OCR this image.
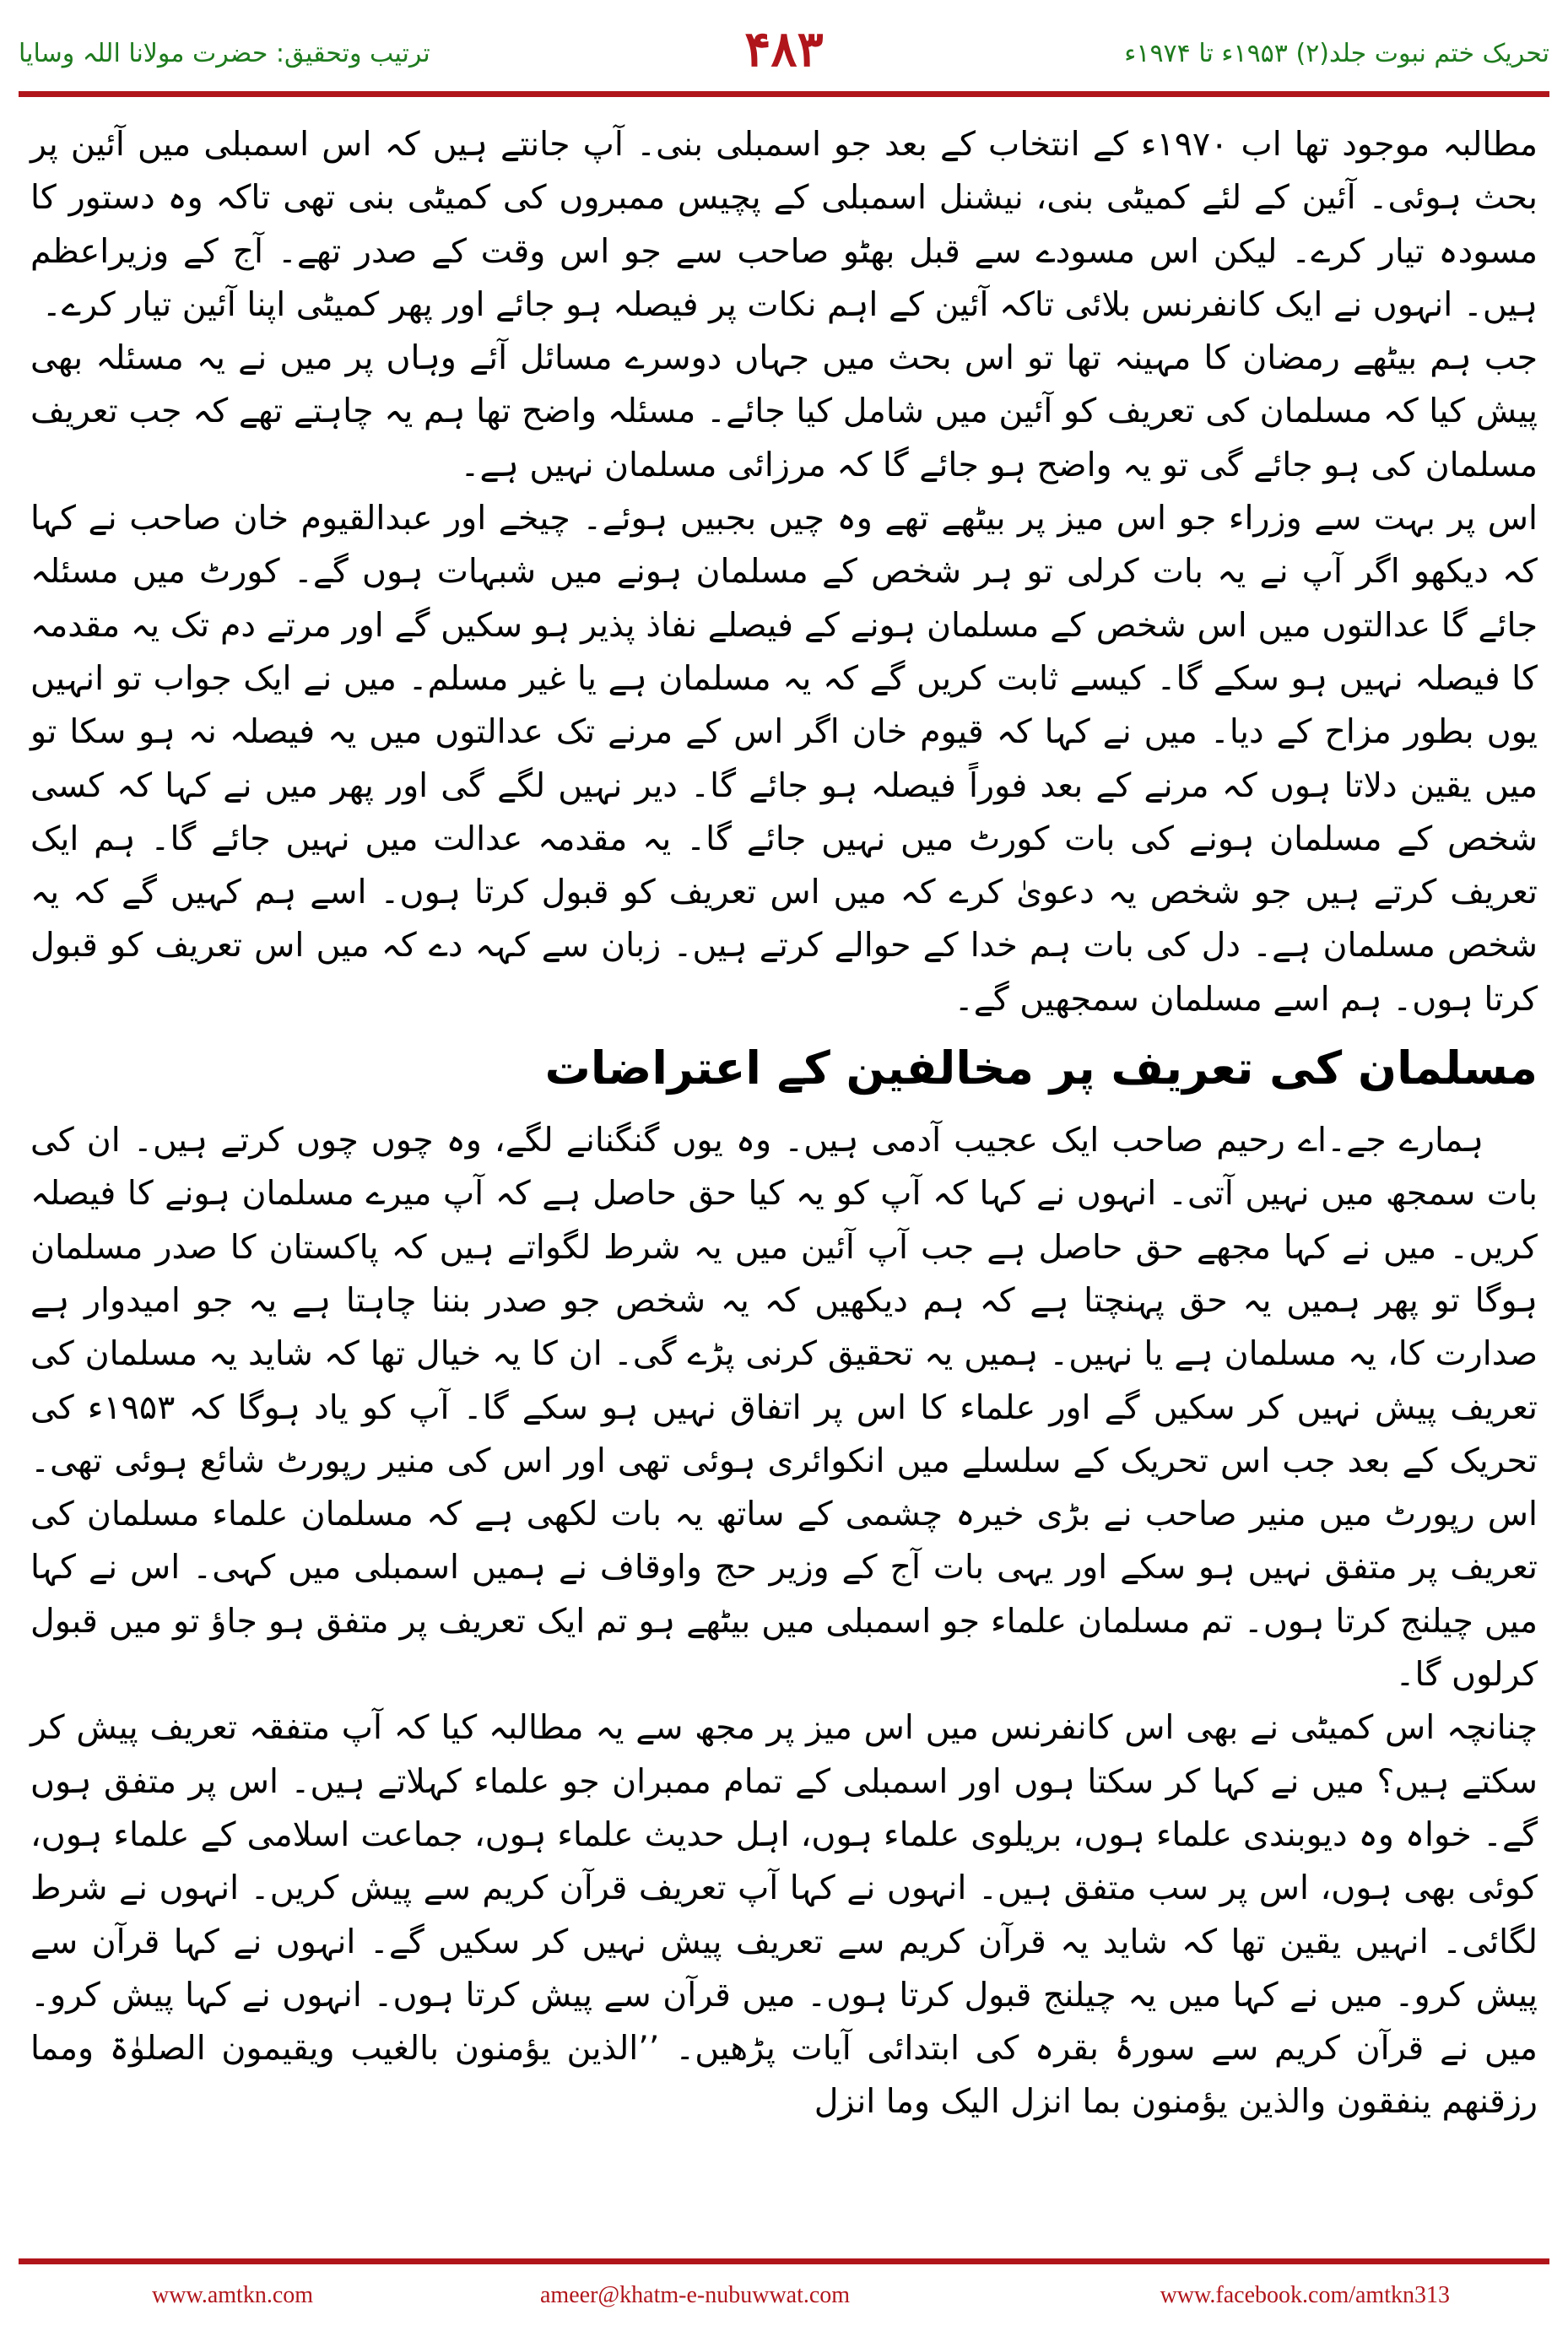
تحریک ختم نبوت جلد(۲) ۱۹۵۳ء تا ۱۹۷۴ء
۴۸۳
ترتیب وتحقیق: حضرت مولانا اللہ وسایا

مطالبہ موجود تھا اب ۱۹۷۰ء کے انتخاب کے بعد جو اسمبلی بنی۔ آپ جانتے ہیں کہ اس اسمبلی میں آئین پر بحث ہوئی۔ آئین کے لئے کمیٹی بنی، نیشنل اسمبلی کے پچیس ممبروں کی کمیٹی بنی تھی تاکہ وہ دستور کا مسودہ تیار کرے۔ لیکن اس مسودے سے قبل بھٹو صاحب سے جو اس وقت کے صدر تھے۔ آج کے وزیراعظم ہیں۔ انہوں نے ایک کانفرنس بلائی تاکہ آئین کے اہم نکات پر فیصلہ ہو جائے اور پھر کمیٹی اپنا آئین تیار کرے۔

جب ہم بیٹھے رمضان کا مہینہ تھا تو اس بحث میں جہاں دوسرے مسائل آئے وہاں پر میں نے یہ مسئلہ بھی پیش کیا کہ مسلمان کی تعریف کو آئین میں شامل کیا جائے۔ مسئلہ واضح تھا ہم یہ چاہتے تھے کہ جب تعریف مسلمان کی ہو جائے گی تو یہ واضح ہو جائے گا کہ مرزائی مسلمان نہیں ہے۔

اس پر بہت سے وزراء جو اس میز پر بیٹھے تھے وہ چیں بجبیں ہوئے۔ چیخے اور عبدالقیوم خان صاحب نے کہا کہ دیکھو اگر آپ نے یہ بات کرلی تو ہر شخص کے مسلمان ہونے میں شبہات ہوں گے۔ کورٹ میں مسئلہ جائے گا عدالتوں میں اس شخص کے مسلمان ہونے کے فیصلے نفاذ پذیر ہو سکیں گے اور مرتے دم تک یہ مقدمہ کا فیصلہ نہیں ہو سکے گا۔ کیسے ثابت کریں گے کہ یہ مسلمان ہے یا غیر مسلم۔ میں نے ایک جواب تو انہیں یوں بطور مزاح کے دیا۔ میں نے کہا کہ قیوم خان اگر اس کے مرنے تک عدالتوں میں یہ فیصلہ نہ ہو سکا تو میں یقین دلاتا ہوں کہ مرنے کے بعد فوراً فیصلہ ہو جائے گا۔ دیر نہیں لگے گی اور پھر میں نے کہا کہ کسی شخص کے مسلمان ہونے کی بات کورٹ میں نہیں جائے گا۔ یہ مقدمہ عدالت میں نہیں جائے گا۔ ہم ایک تعریف کرتے ہیں جو شخص یہ دعویٰ کرے کہ میں اس تعریف کو قبول کرتا ہوں۔ اسے ہم کہیں گے کہ یہ شخص مسلمان ہے۔ دل کی بات ہم خدا کے حوالے کرتے ہیں۔ زبان سے کہہ دے کہ میں اس تعریف کو قبول کرتا ہوں۔ ہم اسے مسلمان سمجھیں گے۔

مسلمان کی تعریف پر مخالفین کے اعتراضات

ہمارے جے۔اے رحیم صاحب ایک عجیب آدمی ہیں۔ وہ یوں گنگنانے لگے، وہ چوں چوں کرتے ہیں۔ ان کی بات سمجھ میں نہیں آتی۔ انہوں نے کہا کہ آپ کو یہ کیا حق حاصل ہے کہ آپ میرے مسلمان ہونے کا فیصلہ کریں۔ میں نے کہا مجھے حق حاصل ہے جب آپ آئین میں یہ شرط لگواتے ہیں کہ پاکستان کا صدر مسلمان ہوگا تو پھر ہمیں یہ حق پہنچتا ہے کہ ہم دیکھیں کہ یہ شخص جو صدر بننا چاہتا ہے یہ جو امیدوار ہے صدارت کا، یہ مسلمان ہے یا نہیں۔ ہمیں یہ تحقیق کرنی پڑے گی۔ ان کا یہ خیال تھا کہ شاید یہ مسلمان کی تعریف پیش نہیں کر سکیں گے اور علماء کا اس پر اتفاق نہیں ہو سکے گا۔ آپ کو یاد ہوگا کہ ۱۹۵۳ء کی تحریک کے بعد جب اس تحریک کے سلسلے میں انکوائری ہوئی تھی اور اس کی منیر رپورٹ شائع ہوئی تھی۔ اس رپورٹ میں منیر صاحب نے بڑی خیرہ چشمی کے ساتھ یہ بات لکھی ہے کہ مسلمان علماء مسلمان کی تعریف پر متفق نہیں ہو سکے اور یہی بات آج کے وزیر حج واوقاف نے ہمیں اسمبلی میں کہی۔ اس نے کہا میں چیلنج کرتا ہوں۔ تم مسلمان علماء جو اسمبلی میں بیٹھے ہو تم ایک تعریف پر متفق ہو جاؤ تو میں قبول کرلوں گا۔

چنانچہ اس کمیٹی نے بھی اس کانفرنس میں اس میز پر مجھ سے یہ مطالبہ کیا کہ آپ متفقہ تعریف پیش کر سکتے ہیں؟ میں نے کہا کر سکتا ہوں اور اسمبلی کے تمام ممبران جو علماء کہلاتے ہیں۔ اس پر متفق ہوں گے۔ خواہ وہ دیوبندی علماء ہوں، بریلوی علماء ہوں، اہل حدیث علماء ہوں، جماعت اسلامی کے علماء ہوں، کوئی بھی ہوں، اس پر سب متفق ہیں۔ انہوں نے کہا آپ تعریف قرآن کریم سے پیش کریں۔ انہوں نے شرط لگائی۔ انہیں یقین تھا کہ شاید یہ قرآن کریم سے تعریف پیش نہیں کر سکیں گے۔ انہوں نے کہا قرآن سے پیش کرو۔ میں نے کہا میں یہ چیلنج قبول کرتا ہوں۔ میں قرآن سے پیش کرتا ہوں۔ انہوں نے کہا پیش کرو۔ میں نے قرآن کریم سے سورۂ بقرہ کی ابتدائی آیات پڑھیں۔ ’’الذین یؤمنون بالغیب ویقیمون الصلوٰۃ ومما رزقنھم ینفقون والذین یؤمنون بما انزل الیک وما انزل

www.amtkn.com	ameer@khatm-e-nubuwwat.com	www.facebook.com/amtkn313
